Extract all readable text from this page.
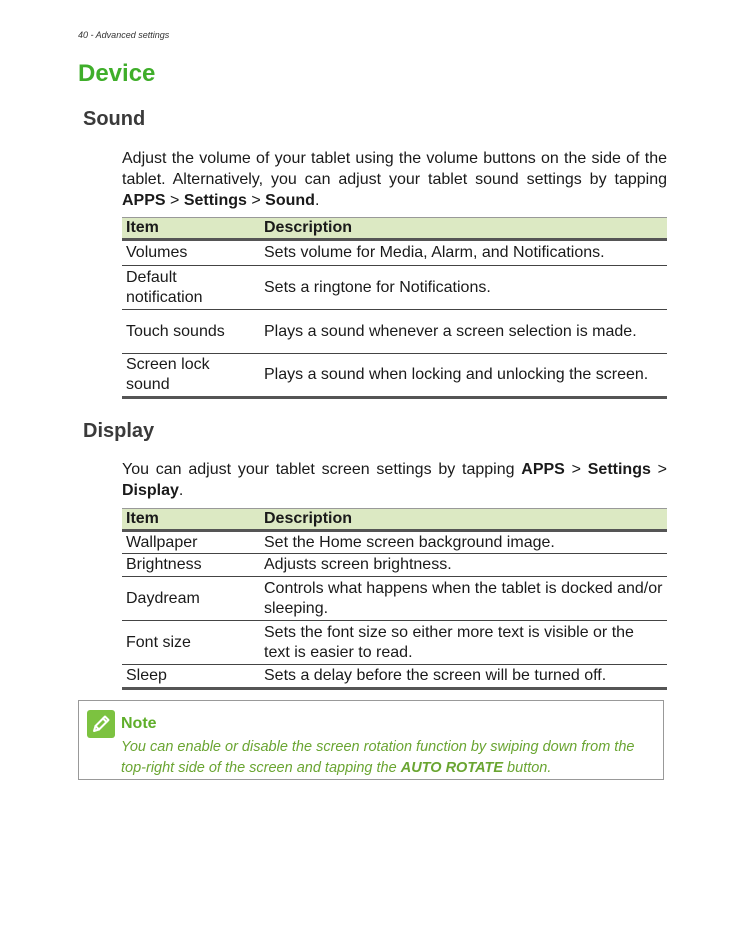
40 - Advanced settings
Device
Sound

Adjust the volume of your tablet using the volume buttons on the side of the tablet. Alternatively, you can adjust your tablet sound settings by tapping APPS > Settings > Sound.

Item	Description
Volumes	Sets volume for Media, Alarm, and Notifications.
Default notification	Sets a ringtone for Notifications.
Touch sounds	Plays a sound whenever a screen selection is made.
Screen lock sound	Plays a sound when locking and unlocking the screen.
Display

You can adjust your tablet screen settings by tapping APPS > Settings > Display.

Item	Description
Wallpaper	Set the Home screen background image.
Brightness	Adjusts screen brightness.
Daydream	Controls what happens when the tablet is docked and/or sleeping.
Font size	Sets the font size so either more text is visible or the text is easier to read.
Sleep	Sets a delay before the screen will be turned off.
Note
You can enable or disable the screen rotation function by swiping down from the top-right side of the screen and tapping the AUTO ROTATE button.
